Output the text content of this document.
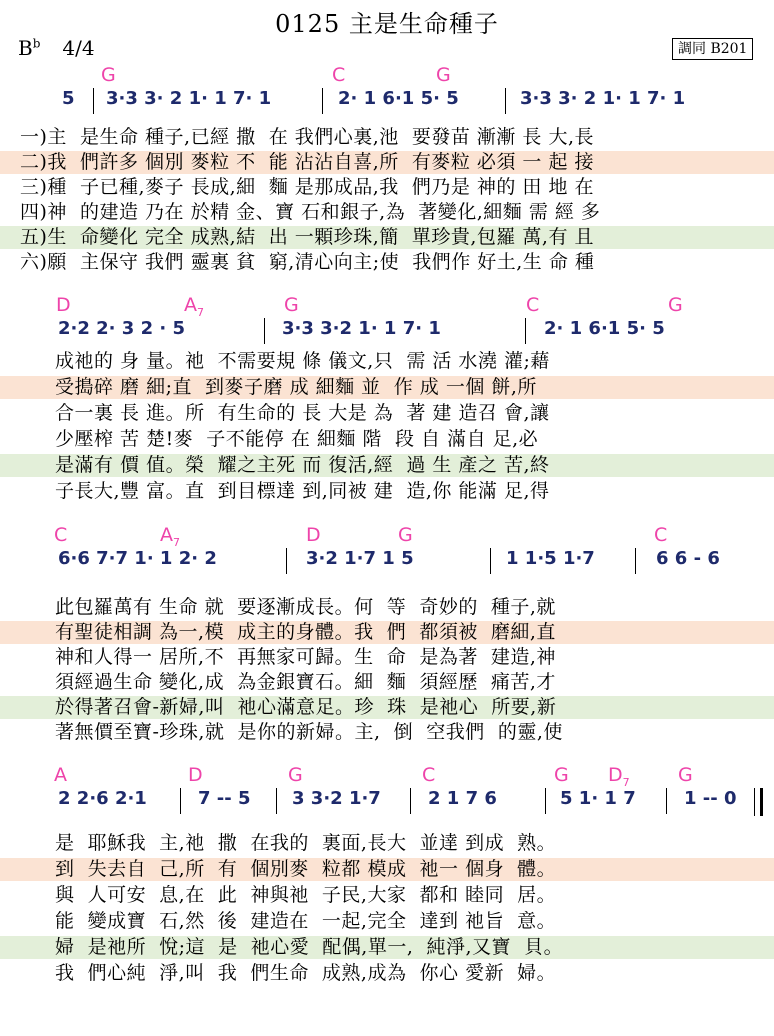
0125 主是生命種子
$B^b$ 4/4	調同 B201
G	C	G
5 3·3 3· 2 1· 1 7· 1	2· 1 6·1 5· 5	3·3 3· 2 1· 1 7· 1
一)主  是生命 種子,已經 撒  在 我們心裏,池  要發苗 漸漸 長 大,長
二)我  們許多 個別 麥粒 不  能 沾沾自喜,所  有麥粒 必須 一 起 接
三)種  子已種,麥子 長成,細  麵 是那成品,我  們乃是 神的 田 地 在
四)神  的建造 乃在 於精 金、寶 石和銀子,為  著變化,細麵 需 經 多
五)生  命變化 完全 成熟,結  出 一顆珍珠,簡  單珍貴,包羅 萬,有 且
六)願  主保守 我們 靈裏 貧  窮,清心向主;使  我們作 好土,生 命 種
D	$A_7$	G	C	G
2·2 2· 3 2 · 5	3·3 3·2 1· 1 7· 1	2· 1 6·1 5· 5
成祂的 身 量。祂  不需要規 條 儀文,只  需 活 水澆 灌;藉
受搗碎 磨 細;直  到麥子磨 成 細麵 並  作 成 一個 餅,所
合一裏 長 進。所  有生命的 長 大是 為  著 建 造召 會,讓
少壓榨 苦 楚!麥  子不能停 在 細麵 階  段 自 滿自 足,必
是滿有 價 值。榮  耀之主死 而 復活,經  過 生 產之 苦,終
子長大,豐 富。直  到目標達 到,同被 建  造,你 能滿 足,得
C	$A_7$	D	G	C
6·6 7·7 1· 1 2· 2	3·2 1·7 1 5	1 1·5 1·7	6 6 - 6
此包羅萬有 生命 就  要逐漸成長。何  等  奇妙的  種子,就
有聖徒相調 為一,模  成主的身體。我  們  都須被  磨細,直
神和人得一 居所,不  再無家可歸。生  命  是為著  建造,神
須經過生命 變化,成  為金銀寶石。細  麵  須經歷  痛苦,才
於得著召會-新婦,叫  祂心滿意足。珍  珠  是祂心  所要,新
著無價至寶-珍珠,就  是你的新婦。主,  倒  空我們  的靈,使
A	D	G	C	G $D_7$	G
2 2·6 2·1	7 -- 5 3 3·2 1·7	2 1 7 6	5 1· 1 7	1 -- 0
是  耶穌我  主,祂  撒  在我的  裏面,長大  並達 到成  熟。
到  失去自  己,所  有  個別麥  粒都 模成  祂一 個身  體。
與  人可安  息,在  此  神與祂  子民,大家  都和 睦同  居。
能  變成寶  石,然  後  建造在  一起,完全  達到 祂旨  意。
婦  是祂所  悅;這  是  祂心愛  配偶,單一,  純淨,又寶  貝。
我  們心純  淨,叫  我  們生命  成熟,成為  你心 愛新  婦。
